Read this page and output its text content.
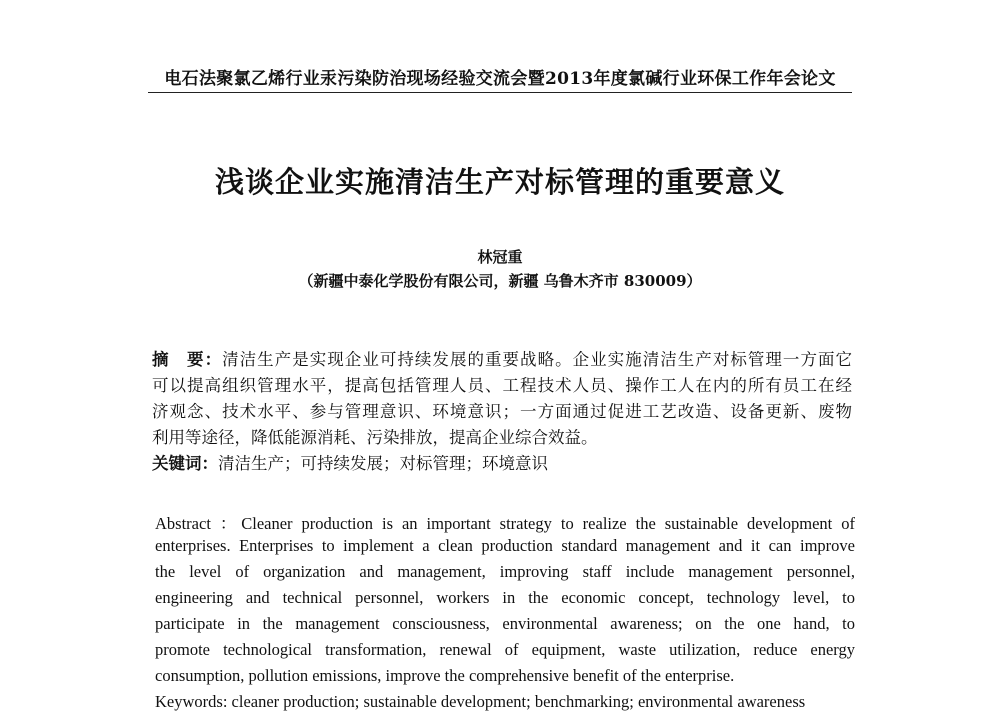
电石法聚氯乙烯行业汞污染防治现场经验交流会暨2013年度氯碱行业环保工作年会论文
浅谈企业实施清洁生产对标管理的重要意义
林冠重
（新疆中泰化学股份有限公司，新疆 乌鲁木齐市 830009）
摘　要：清洁生产是实现企业可持续发展的重要战略。企业实施清洁生产对标管理一方面它
可以提高组织管理水平，提高包括管理人员、工程技术人员、操作工人在内的所有员工在经
济观念、技术水平、参与管理意识、环境意识；一方面通过促进工艺改造、设备更新、废物
利用等途径，降低能源消耗、污染排放，提高企业综合效益。
关键词：清洁生产；可持续发展；对标管理；环境意识
Abstract ：Cleaner production is an important strategy to realize the sustainable development of
enterprises. Enterprises to implement a clean production standard management and it can improve
the level of organization and management, improving staff include management personnel,
engineering and technical personnel, workers in the economic concept, technology level, to
participate in the management consciousness, environmental awareness; on the one hand, to
promote technological transformation, renewal of equipment, waste utilization, reduce energy
consumption, pollution emissions, improve the comprehensive benefit of the enterprise.
Keywords: cleaner production; sustainable development; benchmarking; environmental awareness
